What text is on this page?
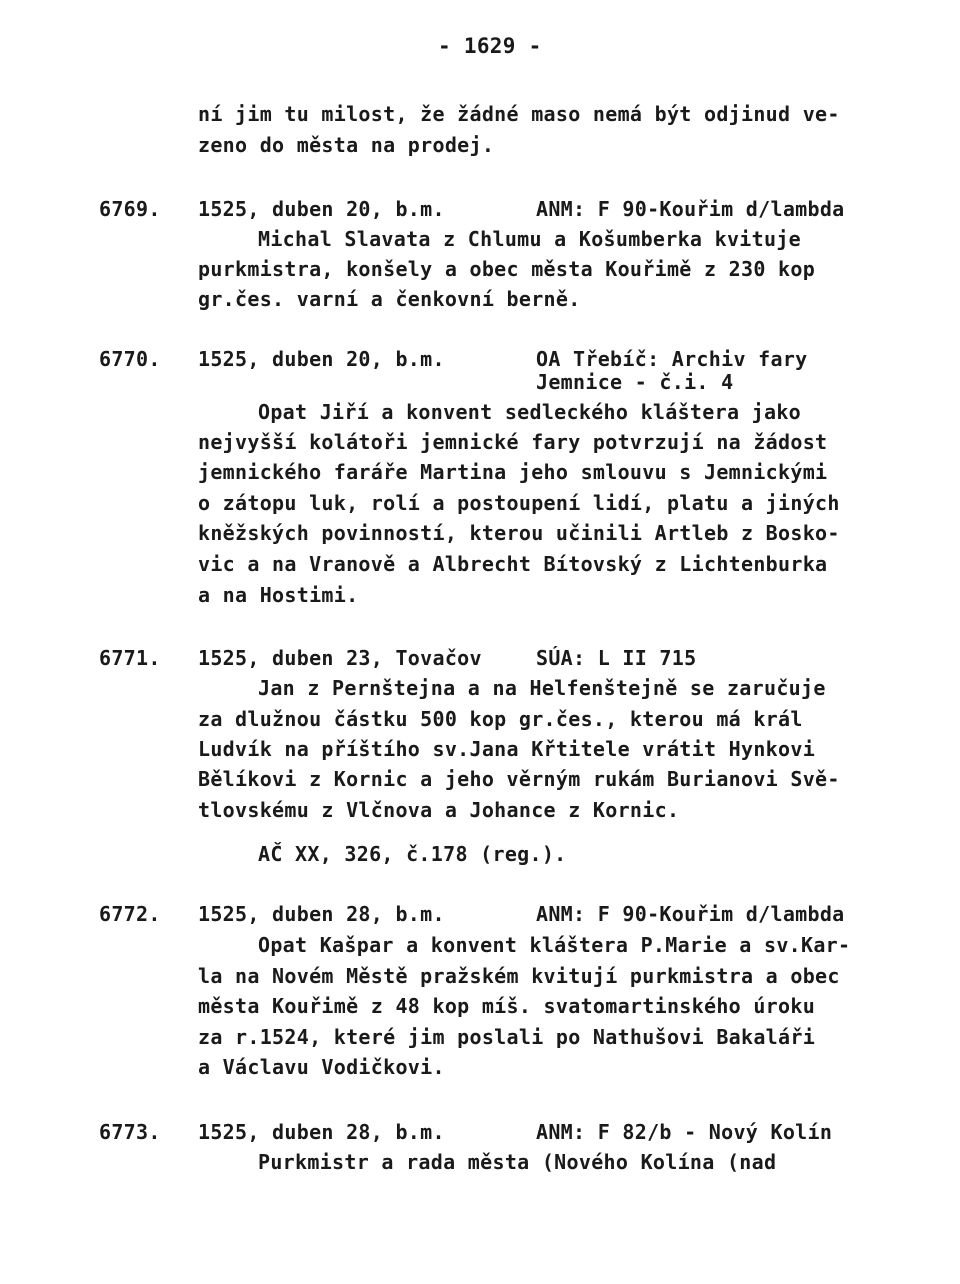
- 1629 -
ní jim tu milost, že žádné maso nemá být odjinud ve-
zeno do města na prodej.
6769. 1525, duben 20, b.m.	ANM: F 90-Kouřim d/lambda
Michal Slavata z Chlumu a Košumberka kvituje
purkmistra, konšely a obec města Kouřimě z 230 kop
gr.čes. varní a čenkovní berně.
6770. 1525, duben 20, b.m.	OA Třebíč: Archiv fary
Jemnice - č.i. 4
Opat Jiří a konvent sedleckého kláštera jako
nejvyšší kolátoři jemnické fary potvrzují na žádost
jemnického faráře Martina jeho smlouvu s Jemnickými
o zátopu luk, rolí a postoupení lidí, platu a jiných
kněžských povinností, kterou učinili Artleb z Bosko-
vic a na Vranově a Albrecht Bítovský z Lichtenburka
a na Hostimi.
6771. 1525, duben 23, Tovačov	SÚA: L II 715
Jan z Pernštejna a na Helfenštejně se zaručuje
za dlužnou částku 500 kop gr.čes., kterou má král
Ludvík na příštího sv.Jana Křtitele vrátit Hynkovi
Bělíkovi z Kornic a jeho věrným rukám Burianovi Svě-
tlovskému z Vlčnova a Johance z Kornic.
AČ XX, 326, č.178 (reg.).
6772. 1525, duben 28, b.m.	ANM: F 90-Kouřim d/lambda
Opat Kašpar a konvent kláštera P.Marie a sv.Kar-
la na Novém Městě pražském kvitují purkmistra a obec
města Kouřimě z 48 kop míš. svatomartinského úroku
za r.1524, které jim poslali po Nathušovi Bakaláři
a Václavu Vodičkovi.
6773. 1525, duben 28, b.m.	ANM: F 82/b - Nový Kolín
Purkmistr a rada města (Nového Kolína (nad
